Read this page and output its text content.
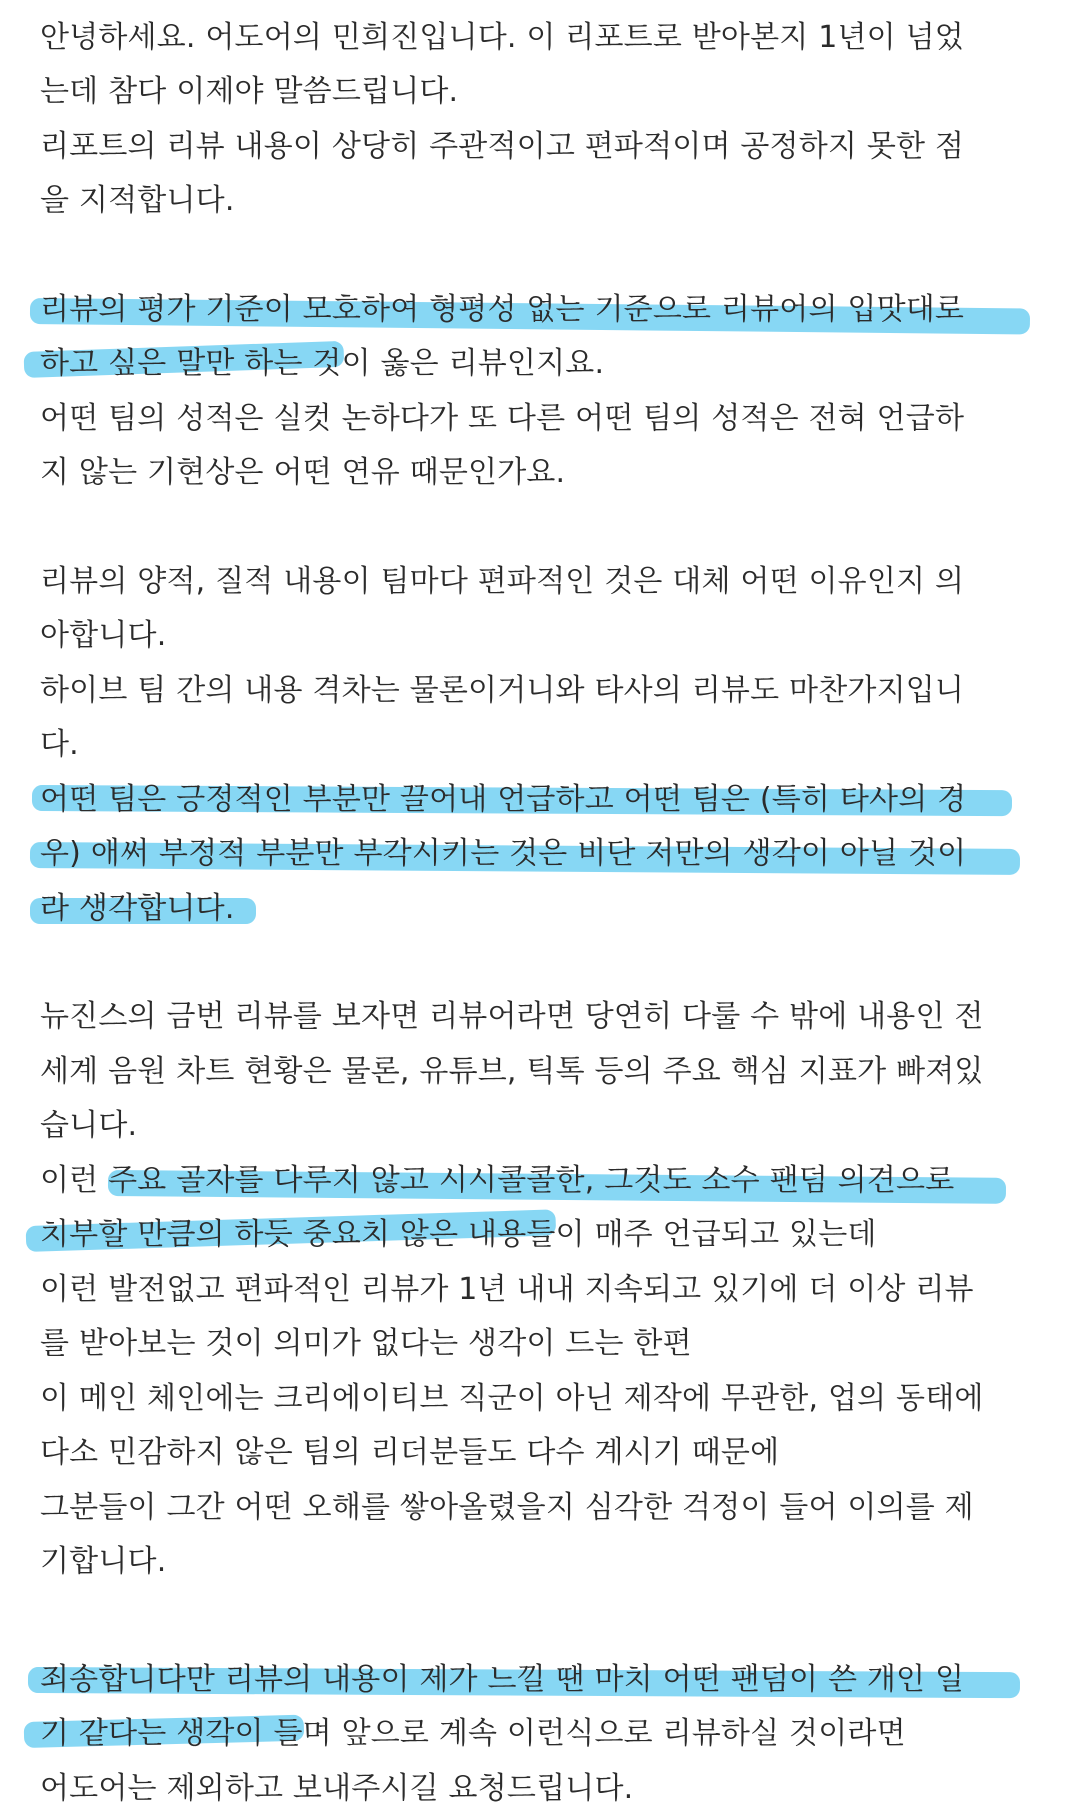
안녕하세요. 어도어의 민희진입니다. 이 리포트로 받아본지 1년이 넘었
는데 참다 이제야 말씀드립니다.
리포트의 리뷰 내용이 상당히 주관적이고 편파적이며 공정하지 못한 점
을 지적합니다.
리뷰의 평가 기준이 모호하여 형평성 없는 기준으로 리뷰어의 입맛대로
하고 싶은 말만 하는 것이 옳은 리뷰인지요.
어떤 팀의 성적은 실컷 논하다가 또 다른 어떤 팀의 성적은 전혀 언급하
지 않는 기현상은 어떤 연유 때문인가요.
리뷰의 양적, 질적 내용이 팀마다 편파적인 것은 대체 어떤 이유인지 의
아합니다.
하이브 팀 간의 내용 격차는 물론이거니와 타사의 리뷰도 마찬가지입니
다.
어떤 팀은 긍정적인 부분만 끌어내 언급하고 어떤 팀은 (특히 타사의 경
우) 애써 부정적 부분만 부각시키는 것은 비단 저만의 생각이 아닐 것이
라 생각합니다.
뉴진스의 금번 리뷰를 보자면 리뷰어라면 당연히 다룰 수 밖에 내용인 전
세계 음원 차트 현황은 물론, 유튜브, 틱톡 등의 주요 핵심 지표가 빠져있
습니다.
이런 주요 골자를 다루지 않고 시시콜콜한, 그것도 소수 팬덤 의견으로
치부할 만큼의 하듯 중요치 않은 내용들이 매주 언급되고 있는데
이런 발전없고 편파적인 리뷰가 1년 내내 지속되고 있기에 더 이상 리뷰
를 받아보는 것이 의미가 없다는 생각이 드는 한편
이 메인 체인에는 크리에이티브 직군이 아닌 제작에 무관한, 업의 동태에
다소 민감하지 않은 팀의 리더분들도 다수 계시기 때문에
그분들이 그간 어떤 오해를 쌓아올렸을지 심각한 걱정이 들어 이의를 제
기합니다.
죄송합니다만 리뷰의 내용이 제가 느낄 땐 마치 어떤 팬덤이 쓴 개인 일
기 같다는 생각이 들며 앞으로 계속 이런식으로 리뷰하실 것이라면
어도어는 제외하고 보내주시길 요청드립니다.
